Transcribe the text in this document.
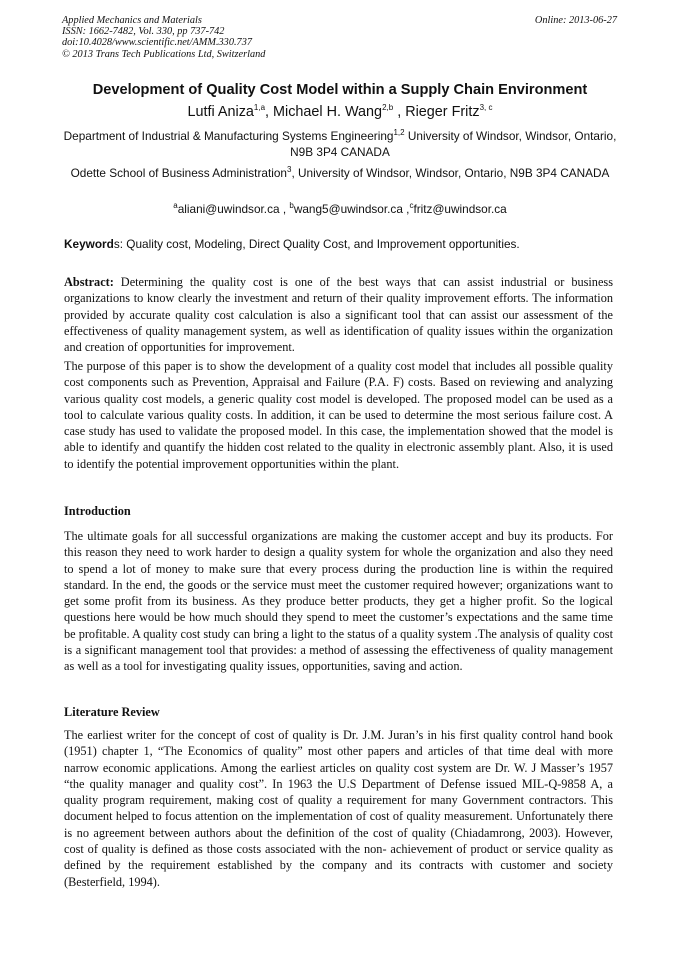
Applied Mechanics and Materials
ISSN: 1662-7482, Vol. 330, pp 737-742
doi:10.4028/www.scientific.net/AMM.330.737
© 2013 Trans Tech Publications Ltd, Switzerland
Online: 2013-06-27
Development of Quality Cost Model within a Supply Chain Environment
Lutfi Aniza$^{1,a}$, Michael H. Wang$^{2,b}$ , Rieger Fritz$^{3, c}$
Department of Industrial & Manufacturing Systems Engineering$^{1,2}$ University of Windsor, Windsor, Ontario, N9B 3P4 CANADA
Odette School of Business Administration$^3$, University of Windsor, Windsor, Ontario, N9B 3P4 CANADA
$^a$aliani@uwindsor.ca , $^b$wang5@uwindsor.ca ,$^c$fritz@uwindsor.ca
Keywords: Quality cost, Modeling, Direct Quality Cost, and Improvement opportunities.
Abstract: Determining the quality cost is one of the best ways that can assist industrial or business organizations to know clearly the investment and return of their quality improvement efforts. The information provided by accurate quality cost calculation is also a significant tool that can assist our assessment of the effectiveness of quality management system, as well as identification of quality issues within the organization and creation of opportunities for improvement.
The purpose of this paper is to show the development of a quality cost model that includes all possible quality cost components such as Prevention, Appraisal and Failure (P.A. F) costs. Based on reviewing and analyzing various quality cost models, a generic quality cost model is developed. The proposed model can be used as a tool to calculate various quality costs. In addition, it can be used to determine the most serious failure cost. A case study has used to validate the proposed model. In this case, the implementation showed that the model is able to identify and quantify the hidden cost related to the quality in electronic assembly plant. Also, it is used to identify the potential improvement opportunities within the plant.
Introduction
The ultimate goals for all successful organizations are making the customer accept and buy its products. For this reason they need to work harder to design a quality system for whole the organization and also they need to spend a lot of money to make sure that every process during the production line is within the required standard. In the end, the goods or the service must meet the customer required however; organizations want to get some profit from its business. As they produce better products, they get a higher profit. So the logical questions here would be how much should they spend to meet the customer’s expectations and the same time be profitable. A quality cost study can bring a light to the status of a quality system .The analysis of quality cost is a significant management tool that provides: a method of assessing the effectiveness of quality management as well as a tool for investigating quality issues, opportunities, saving and action.
Literature Review
The earliest writer for the concept of cost of quality is Dr. J.M. Juran’s in his first quality control hand book (1951) chapter 1, “The Economics of quality” most other papers and articles of that time deal with more narrow economic applications. Among the earliest articles on quality cost system are Dr. W. J Masser’s 1957 “the quality manager and quality cost”. In 1963 the U.S Department of Defense issued MIL-Q-9858 A, a quality program requirement, making cost of quality a requirement for many Government contractors. This document helped to focus attention on the implementation of cost of quality measurement. Unfortunately there is no agreement between authors about the definition of the cost of quality (Chiadamrong, 2003). However, cost of quality is defined as those costs associated with the non- achievement of product or service quality as defined by the requirement established by the company and its contracts with customer and society (Besterfield, 1994).
